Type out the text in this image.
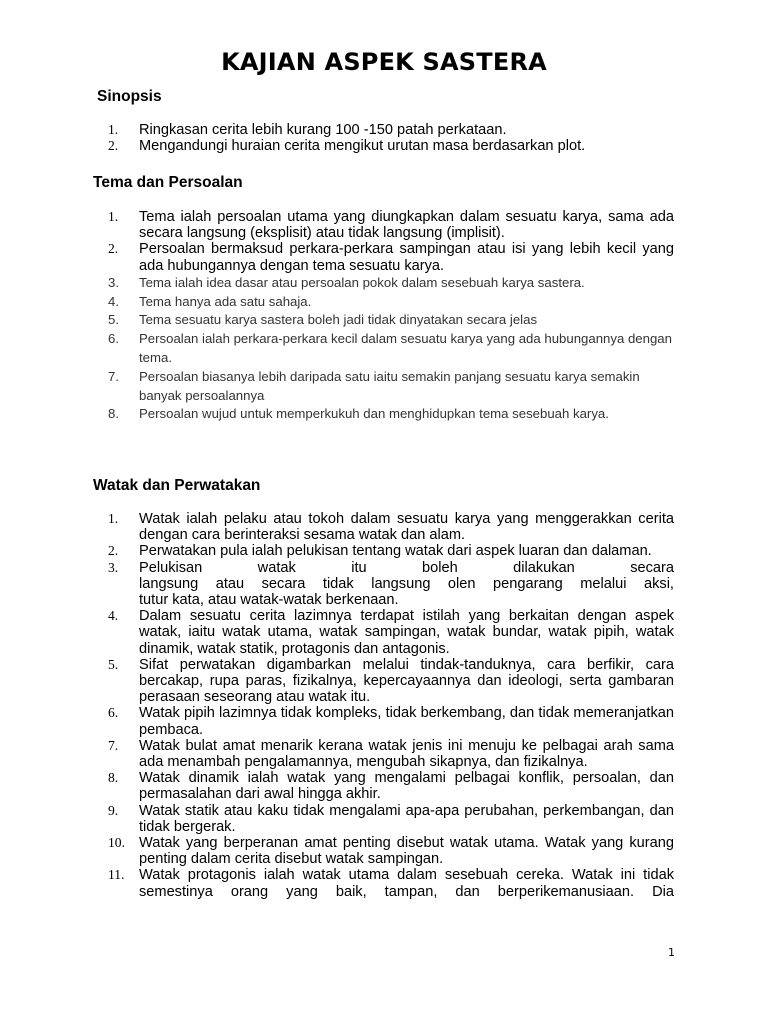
KAJIAN ASPEK SASTERA
Sinopsis
1.	Ringkasan cerita lebih kurang 100 -150 patah perkataan.
2.	Mengandungi huraian cerita mengikut urutan masa berdasarkan plot.
Tema dan Persoalan
1.	Tema ialah persoalan utama yang diungkapkan dalam sesuatu karya, sama ada secara langsung (eksplisit) atau tidak langsung (implisit).
2.	Persoalan bermaksud perkara-perkara sampingan atau isi yang lebih kecil yang ada hubungannya dengan tema sesuatu karya.
3.	Tema ialah idea dasar atau persoalan pokok dalam sesebuah karya sastera.
4.	Tema hanya ada satu sahaja.
5.	Tema sesuatu karya sastera boleh jadi tidak dinyatakan secara jelas
6.	Persoalan ialah perkara-perkara kecil dalam sesuatu karya yang ada hubungannya dengan tema.
7.	Persoalan biasanya lebih daripada satu iaitu semakin panjang sesuatu karya semakin banyak persoalannya
8.	Persoalan wujud untuk memperkukuh dan menghidupkan tema sesebuah karya.
Watak dan Perwatakan
1.	Watak ialah pelaku atau tokoh dalam sesuatu karya yang menggerakkan cerita dengan cara berinteraksi sesama watak dan alam.
2.	Perwatakan pula ialah pelukisan tentang watak dari aspek luaran dan dalaman.
3.	Pelukisan watak itu boleh dilakukan secara
langsung atau secara tidak langsung olen pengarang melalui aksi,
tutur kata, atau watak-watak berkenaan.
4.	Dalam sesuatu cerita lazimnya terdapat istilah yang berkaitan dengan aspek watak, iaitu watak utama, watak sampingan, watak bundar, watak pipih, watak dinamik, watak statik, protagonis dan antagonis.
5.	Sifat perwatakan digambarkan melalui tindak-tanduknya, cara berfikir, cara bercakap, rupa paras, fizikalnya, kepercayaannya dan ideologi, serta gambaran perasaan seseorang atau watak itu.
6.	Watak pipih lazimnya tidak kompleks, tidak berkembang, dan tidak memeranjatkan pembaca.
7.	Watak bulat amat menarik kerana watak jenis ini menuju ke pelbagai arah sama ada menambah pengalamannya, mengubah sikapnya, dan fizikalnya.
8.	Watak dinamik ialah watak yang mengalami pelbagai konflik, persoalan, dan permasalahan dari awal hingga akhir.
9.	Watak statik atau kaku tidak mengalami apa-apa perubahan, perkembangan, dan tidak bergerak.
10. Watak yang berperanan amat penting disebut watak utama. Watak yang kurang penting dalam cerita disebut watak sampingan.
11. Watak protagonis ialah watak utama dalam sesebuah cereka. Watak ini tidak semestinya orang yang baik, tampan, dan berperikemanusiaan. Dia
1
